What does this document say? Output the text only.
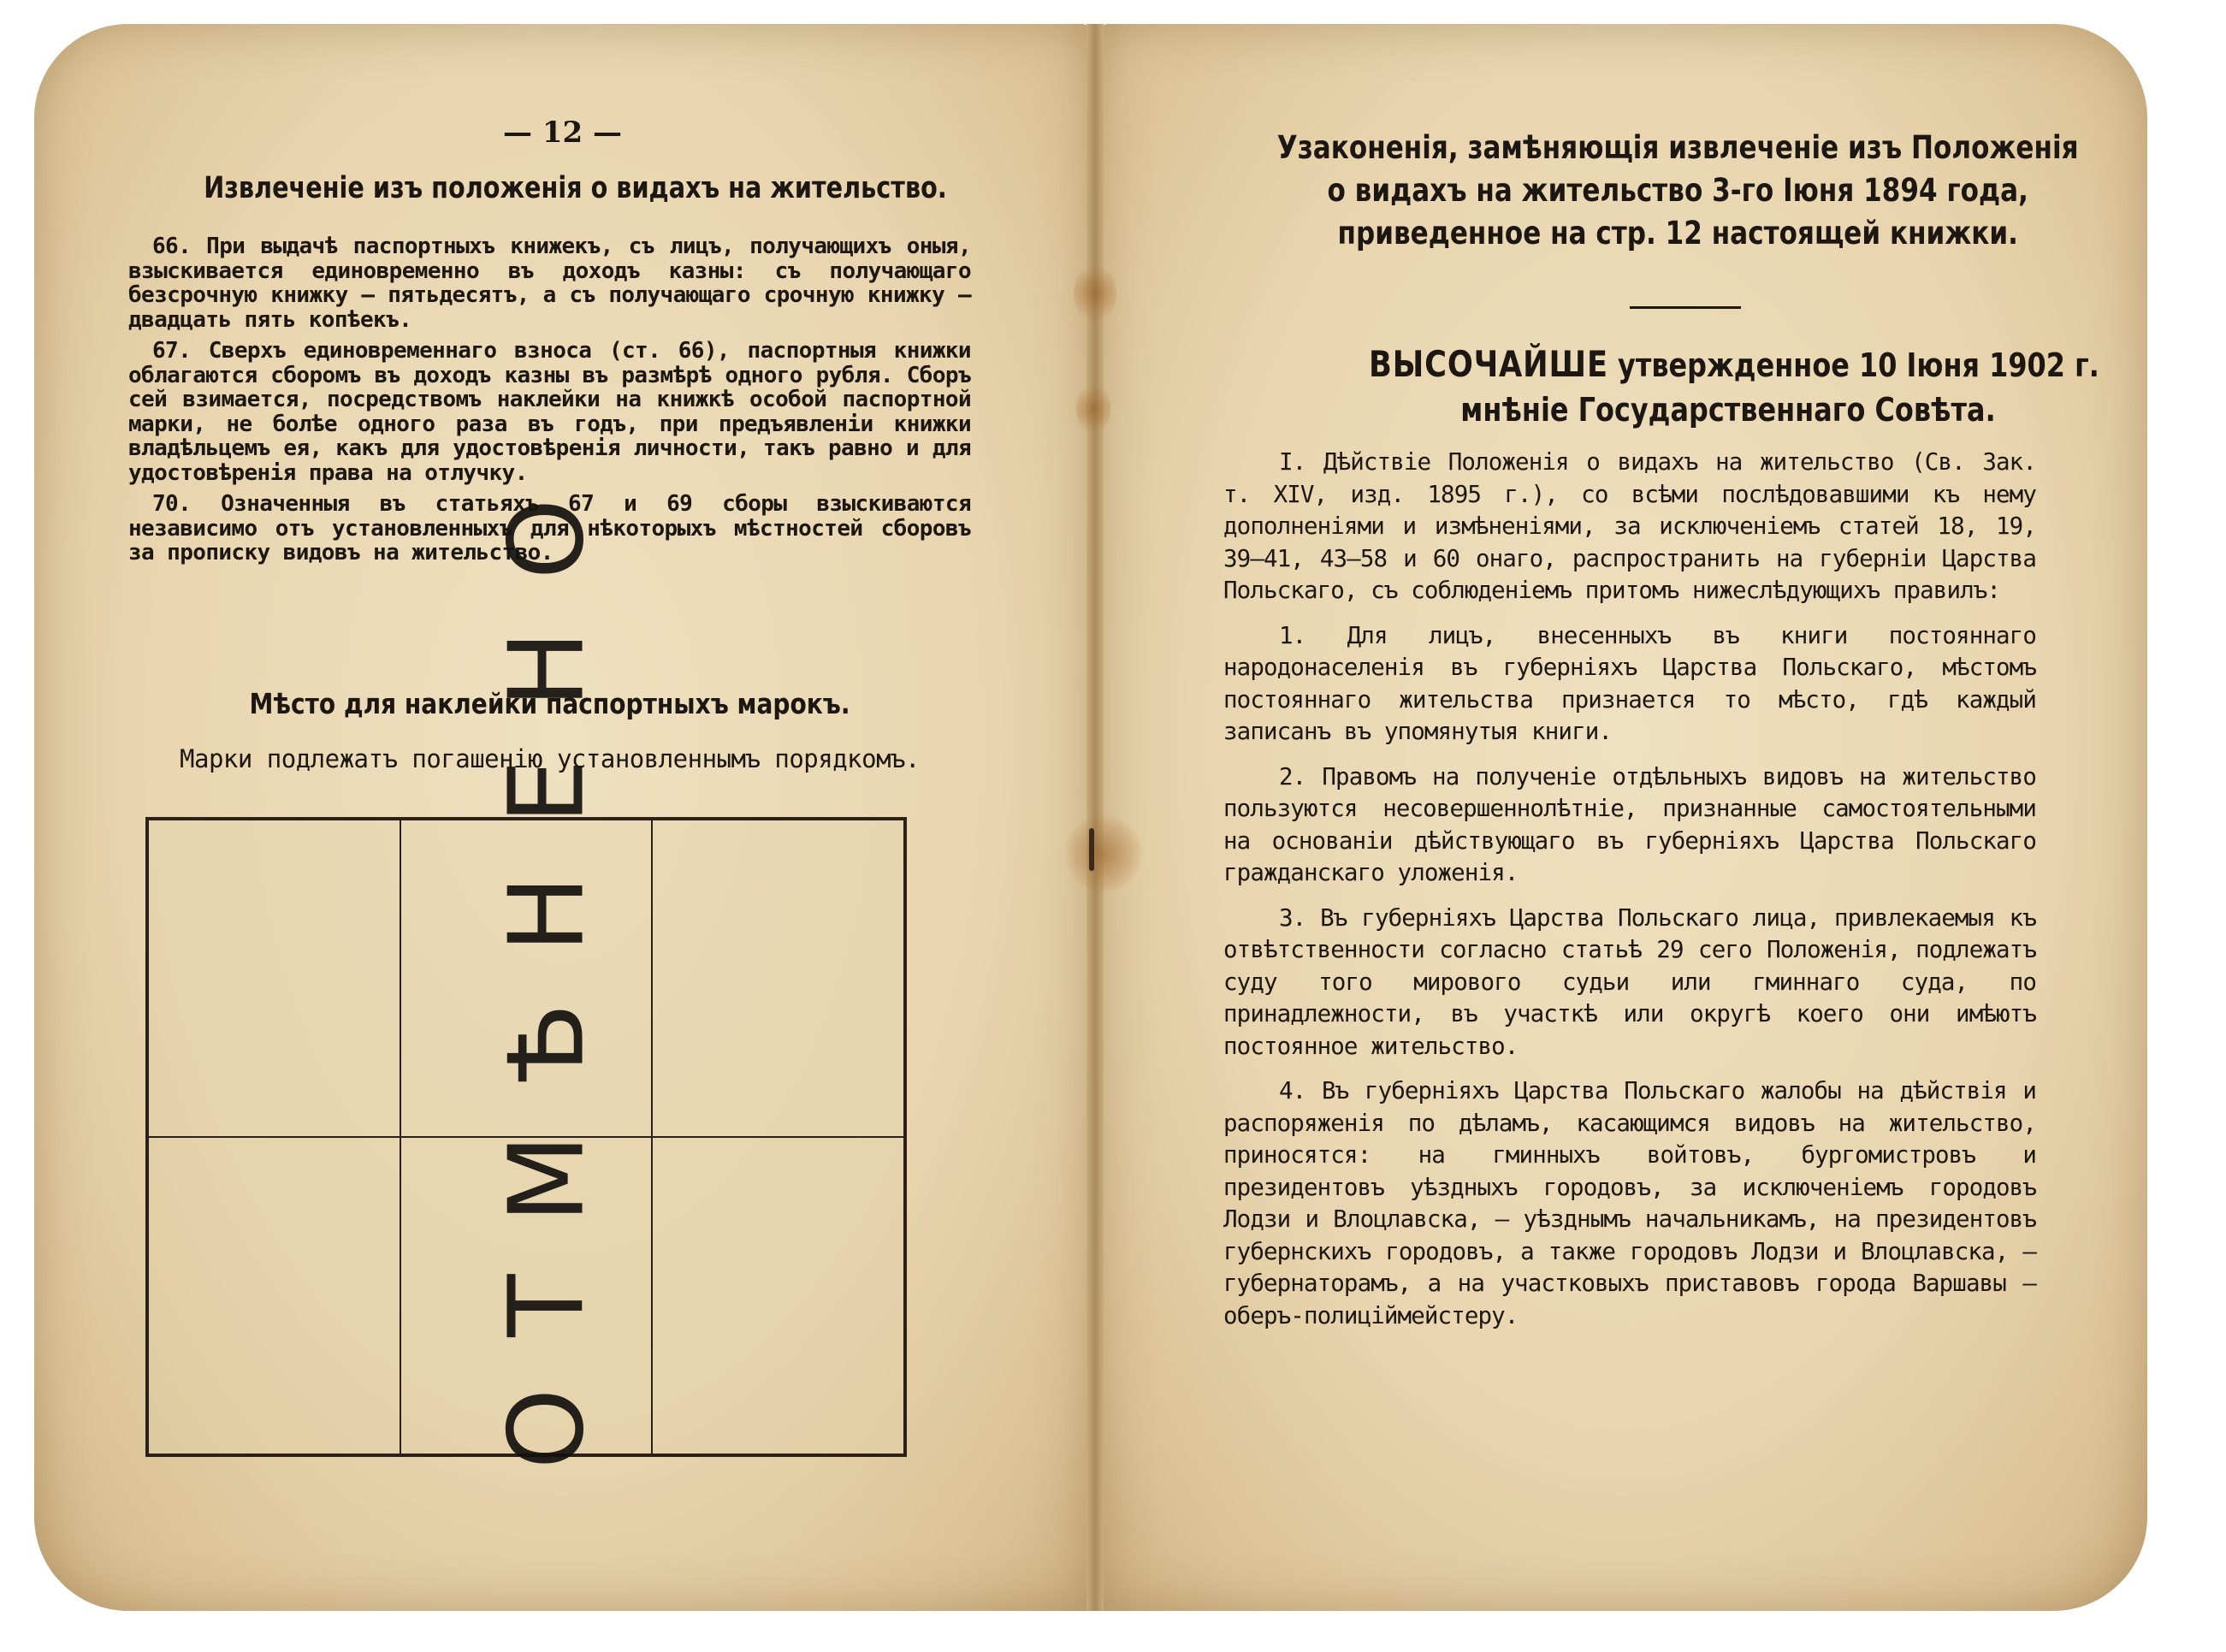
— 12 —
Извлеченіе изъ положенія о видахъ на жительство.

66. При выдачѣ паспортныхъ книжекъ, съ лицъ, получающихъ оныя, взыскивается единовременно въ доходъ казны: съ получающаго безсрочную книжку — пятьдесятъ, а съ получающаго срочную книжку — двадцать пять копѣекъ.

67. Сверхъ единовременнаго взноса (ст. 66), паспортныя книжки облагаются сборомъ въ доходъ казны въ размѣрѣ одного рубля. Сборъ сей взимается, посредствомъ наклейки на книжкѣ особой паспортной марки, не болѣе одного раза въ годъ, при предъявленіи книжки владѣльцемъ ея, какъ для удостовѣренія личности, такъ равно и для удостовѣренія права на отлучку.

70. Означенныя въ статьяхъ 67 и 69 сборы взыскиваются независимо отъ установленныхъ для нѣкоторыхъ мѣстностей сборовъ за прописку видовъ на жительство.

Мѣсто для наклейки паспортныхъ марокъ.
Марки подлежатъ погашенію установленнымъ порядкомъ.
ОТМѢНЕНО
Узаконенія, замѣняющія извлеченіе изъ Положенія
о видахъ на жительство 3-го Іюня 1894 года,
приведенное на стр. 12 настоящей книжки.
ВЫСОЧАЙШЕ утвержденное 10 Іюня 1902 г.
мнѣніе Государственнаго Совѣта.

I. Дѣйствіе Положенія о видахъ на жительство (Св. Зак. т. XIV, изд. 1895 г.), со всѣми послѣдовавшими къ нему дополненіями и измѣненіями, за исключеніемъ статей 18, 19, 39—41, 43—58 и 60 онаго, распространить на губерніи Царства Польскаго, съ соблюденіемъ притомъ нижеслѣдующихъ правилъ:

1. Для лицъ, внесенныхъ въ книги постояннаго народонаселенія въ губерніяхъ Царства Польскаго, мѣстомъ постояннаго жительства признается то мѣсто, гдѣ каждый записанъ въ упомянутыя книги.

2. Правомъ на полученіе отдѣльныхъ видовъ на жительство пользуются несовершеннолѣтніе, признанные самостоятельными на основаніи дѣйствующаго въ губерніяхъ Царства Польскаго гражданскаго уложенія.

3. Въ губерніяхъ Царства Польскаго лица, привлекаемыя къ отвѣтственности согласно статьѣ 29 сего Положенія, подлежатъ суду того мирового судьи или гминнаго суда, по принадлежности, въ участкѣ или округѣ коего они имѣютъ постоянное жительство.

4. Въ губерніяхъ Царства Польскаго жалобы на дѣйствія и распоряженія по дѣламъ, касающимся видовъ на жительство, приносятся: на гминныхъ войтовъ, бургомистровъ и президентовъ уѣздныхъ городовъ, за исключеніемъ городовъ Лодзи и Влоцлавска, — уѣзднымъ начальникамъ, на президентовъ губернскихъ городовъ, а также городовъ Лодзи и Влоцлавска, — губернаторамъ, а на участковыхъ приставовъ города Варшавы — оберъ-полицiймейстеру.
